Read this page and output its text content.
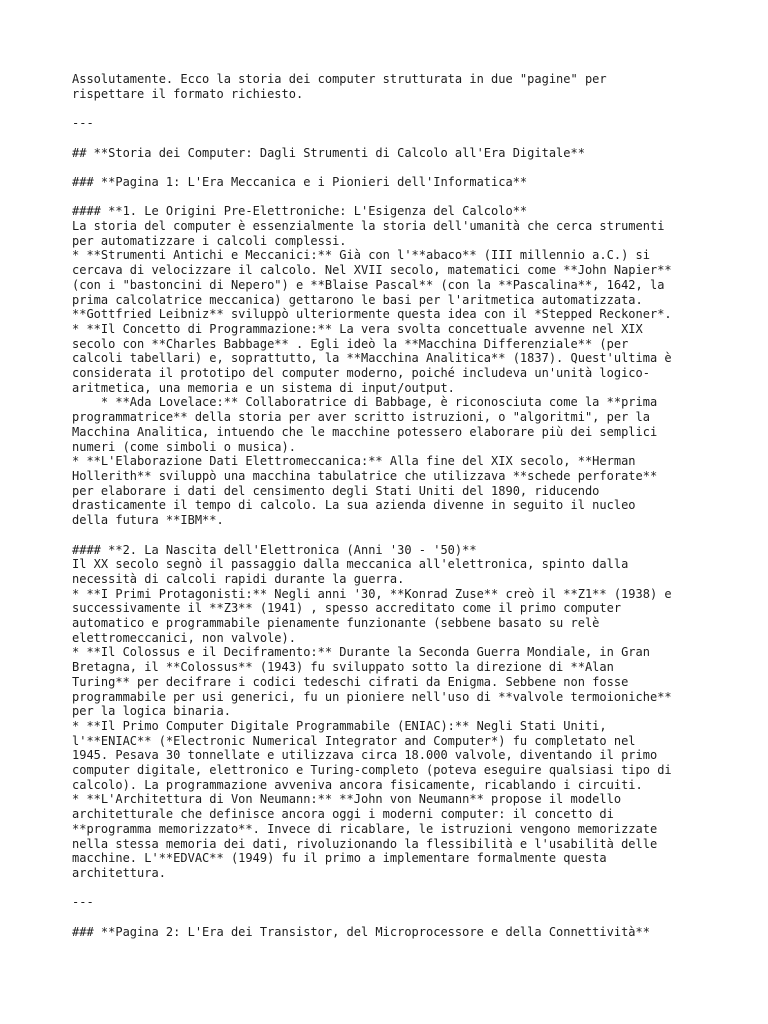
Assolutamente. Ecco la storia dei computer strutturata in due "pagine" per
rispettare il formato richiesto.

---

## **Storia dei Computer: Dagli Strumenti di Calcolo all'Era Digitale**

### **Pagina 1: L'Era Meccanica e i Pionieri dell'Informatica**

#### **1. Le Origini Pre-Elettroniche: L'Esigenza del Calcolo**
La storia del computer è essenzialmente la storia dell'umanità che cerca strumenti
per automatizzare i calcoli complessi.
* **Strumenti Antichi e Meccanici:** Già con l'**abaco** (III millennio a.C.) si
cercava di velocizzare il calcolo. Nel XVII secolo, matematici come **John Napier**
(con i "bastoncini di Nepero") e **Blaise Pascal** (con la **Pascalina**, 1642, la
prima calcolatrice meccanica) gettarono le basi per l'aritmetica automatizzata.
**Gottfried Leibniz** sviluppò ulteriormente questa idea con il *Stepped Reckoner*.
* **Il Concetto di Programmazione:** La vera svolta concettuale avvenne nel XIX
secolo con **Charles Babbage** . Egli ideò la **Macchina Differenziale** (per
calcoli tabellari) e, soprattutto, la **Macchina Analitica** (1837). Quest'ultima è
considerata il prototipo del computer moderno, poiché includeva un'unità logico-
aritmetica, una memoria e un sistema di input/output.
* **Ada Lovelace:** Collaboratrice di Babbage, è riconosciuta come la **prima
programmatrice** della storia per aver scritto istruzioni, o "algoritmi", per la
Macchina Analitica, intuendo che le macchine potessero elaborare più dei semplici
numeri (come simboli o musica).
* **L'Elaborazione Dati Elettromeccanica:** Alla fine del XIX secolo, **Herman
Hollerith** sviluppò una macchina tabulatrice che utilizzava **schede perforate**
per elaborare i dati del censimento degli Stati Uniti del 1890, riducendo
drasticamente il tempo di calcolo. La sua azienda divenne in seguito il nucleo
della futura **IBM**.

#### **2. La Nascita dell'Elettronica (Anni '30 - '50)**
Il XX secolo segnò il passaggio dalla meccanica all'elettronica, spinto dalla
necessità di calcoli rapidi durante la guerra.
* **I Primi Protagonisti:** Negli anni '30, **Konrad Zuse** creò il **Z1** (1938) e
successivamente il **Z3** (1941) , spesso accreditato come il primo computer
automatico e programmabile pienamente funzionante (sebbene basato su relè
elettromeccanici, non valvole).
* **Il Colossus e il Deciframento:** Durante la Seconda Guerra Mondiale, in Gran
Bretagna, il **Colossus** (1943) fu sviluppato sotto la direzione di **Alan
Turing** per decifrare i codici tedeschi cifrati da Enigma. Sebbene non fosse
programmabile per usi generici, fu un pioniere nell'uso di **valvole termoioniche**
per la logica binaria.
* **Il Primo Computer Digitale Programmabile (ENIAC):** Negli Stati Uniti,
l'**ENIAC** (*Electronic Numerical Integrator and Computer*) fu completato nel
1945. Pesava 30 tonnellate e utilizzava circa 18.000 valvole, diventando il primo
computer digitale, elettronico e Turing-completo (poteva eseguire qualsiasi tipo di
calcolo). La programmazione avveniva ancora fisicamente, ricablando i circuiti.
* **L'Architettura di Von Neumann:** **John von Neumann** propose il modello
architetturale che definisce ancora oggi i moderni computer: il concetto di
**programma memorizzato**. Invece di ricablare, le istruzioni vengono memorizzate
nella stessa memoria dei dati, rivoluzionando la flessibilità e l'usabilità delle
macchine. L'**EDVAC** (1949) fu il primo a implementare formalmente questa
architettura.

---

### **Pagina 2: L'Era dei Transistor, del Microprocessore e della Connettività**
